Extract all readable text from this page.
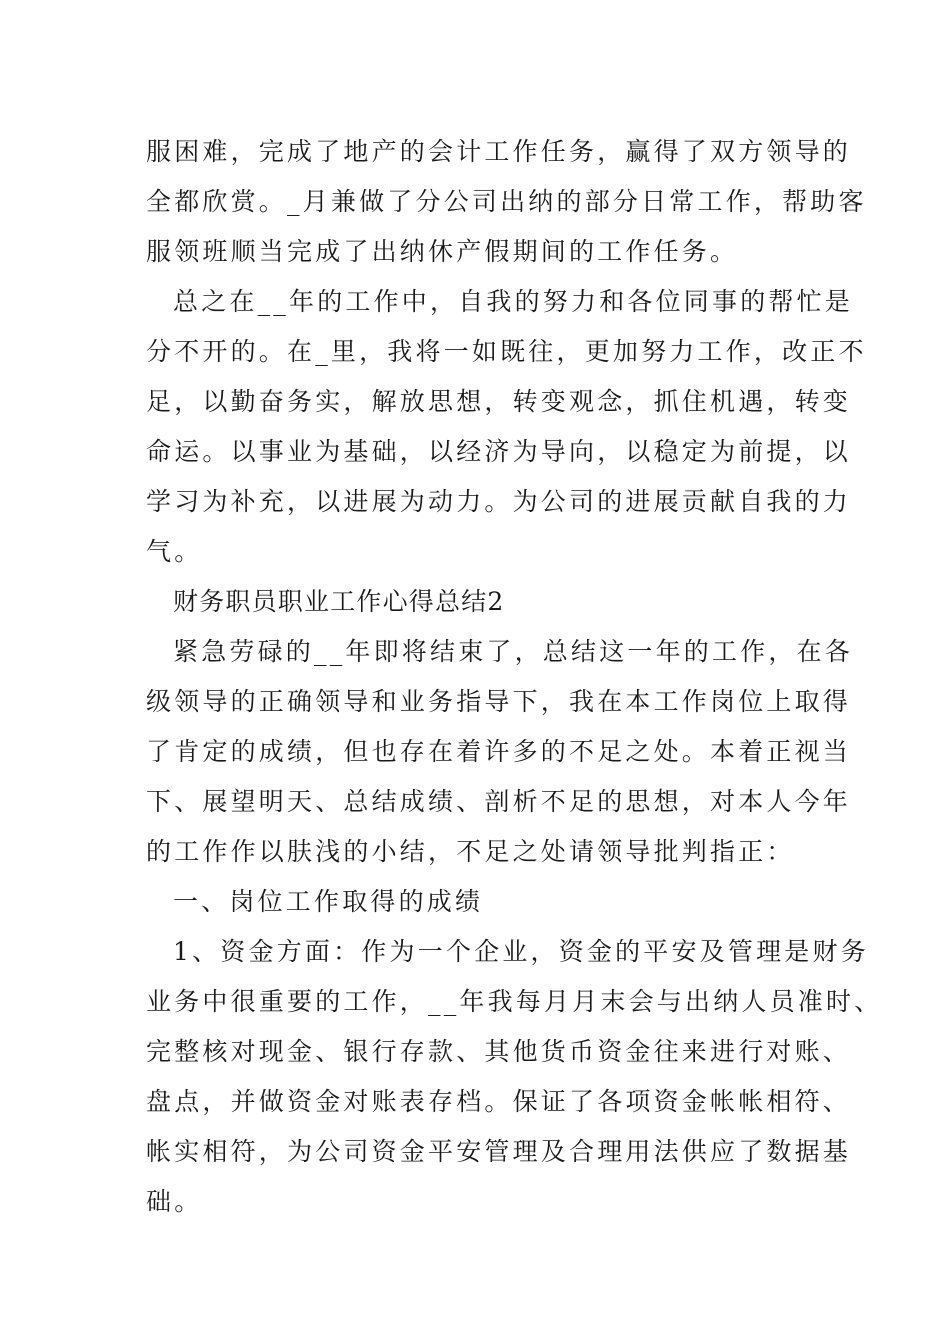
服困难，完成了地产的会计工作任务，赢得了双方领导的
全都欣赏。_月兼做了分公司出纳的部分日常工作，帮助客
服领班顺当完成了出纳休产假期间的工作任务。
总之在__年的工作中，自我的努力和各位同事的帮忙是
分不开的。在_里，我将一如既往，更加努力工作，改正不
足，以勤奋务实，解放思想，转变观念，抓住机遇，转变
命运。以事业为基础，以经济为导向，以稳定为前提，以
学习为补充，以进展为动力。为公司的进展贡献自我的力
气。
财务职员职业工作心得总结2
紧急劳碌的__年即将结束了，总结这一年的工作，在各
级领导的正确领导和业务指导下，我在本工作岗位上取得
了肯定的成绩，但也存在着许多的不足之处。本着正视当
下、展望明天、总结成绩、剖析不足的思想，对本人今年
的工作作以肤浅的小结，不足之处请领导批判指正：
一、岗位工作取得的成绩
1、资金方面：作为一个企业，资金的平安及管理是财务
业务中很重要的工作，__年我每月月末会与出纳人员准时、
完整核对现金、银行存款、其他货币资金往来进行对账、
盘点，并做资金对账表存档。保证了各项资金帐帐相符、
帐实相符，为公司资金平安管理及合理用法供应了数据基
础。
